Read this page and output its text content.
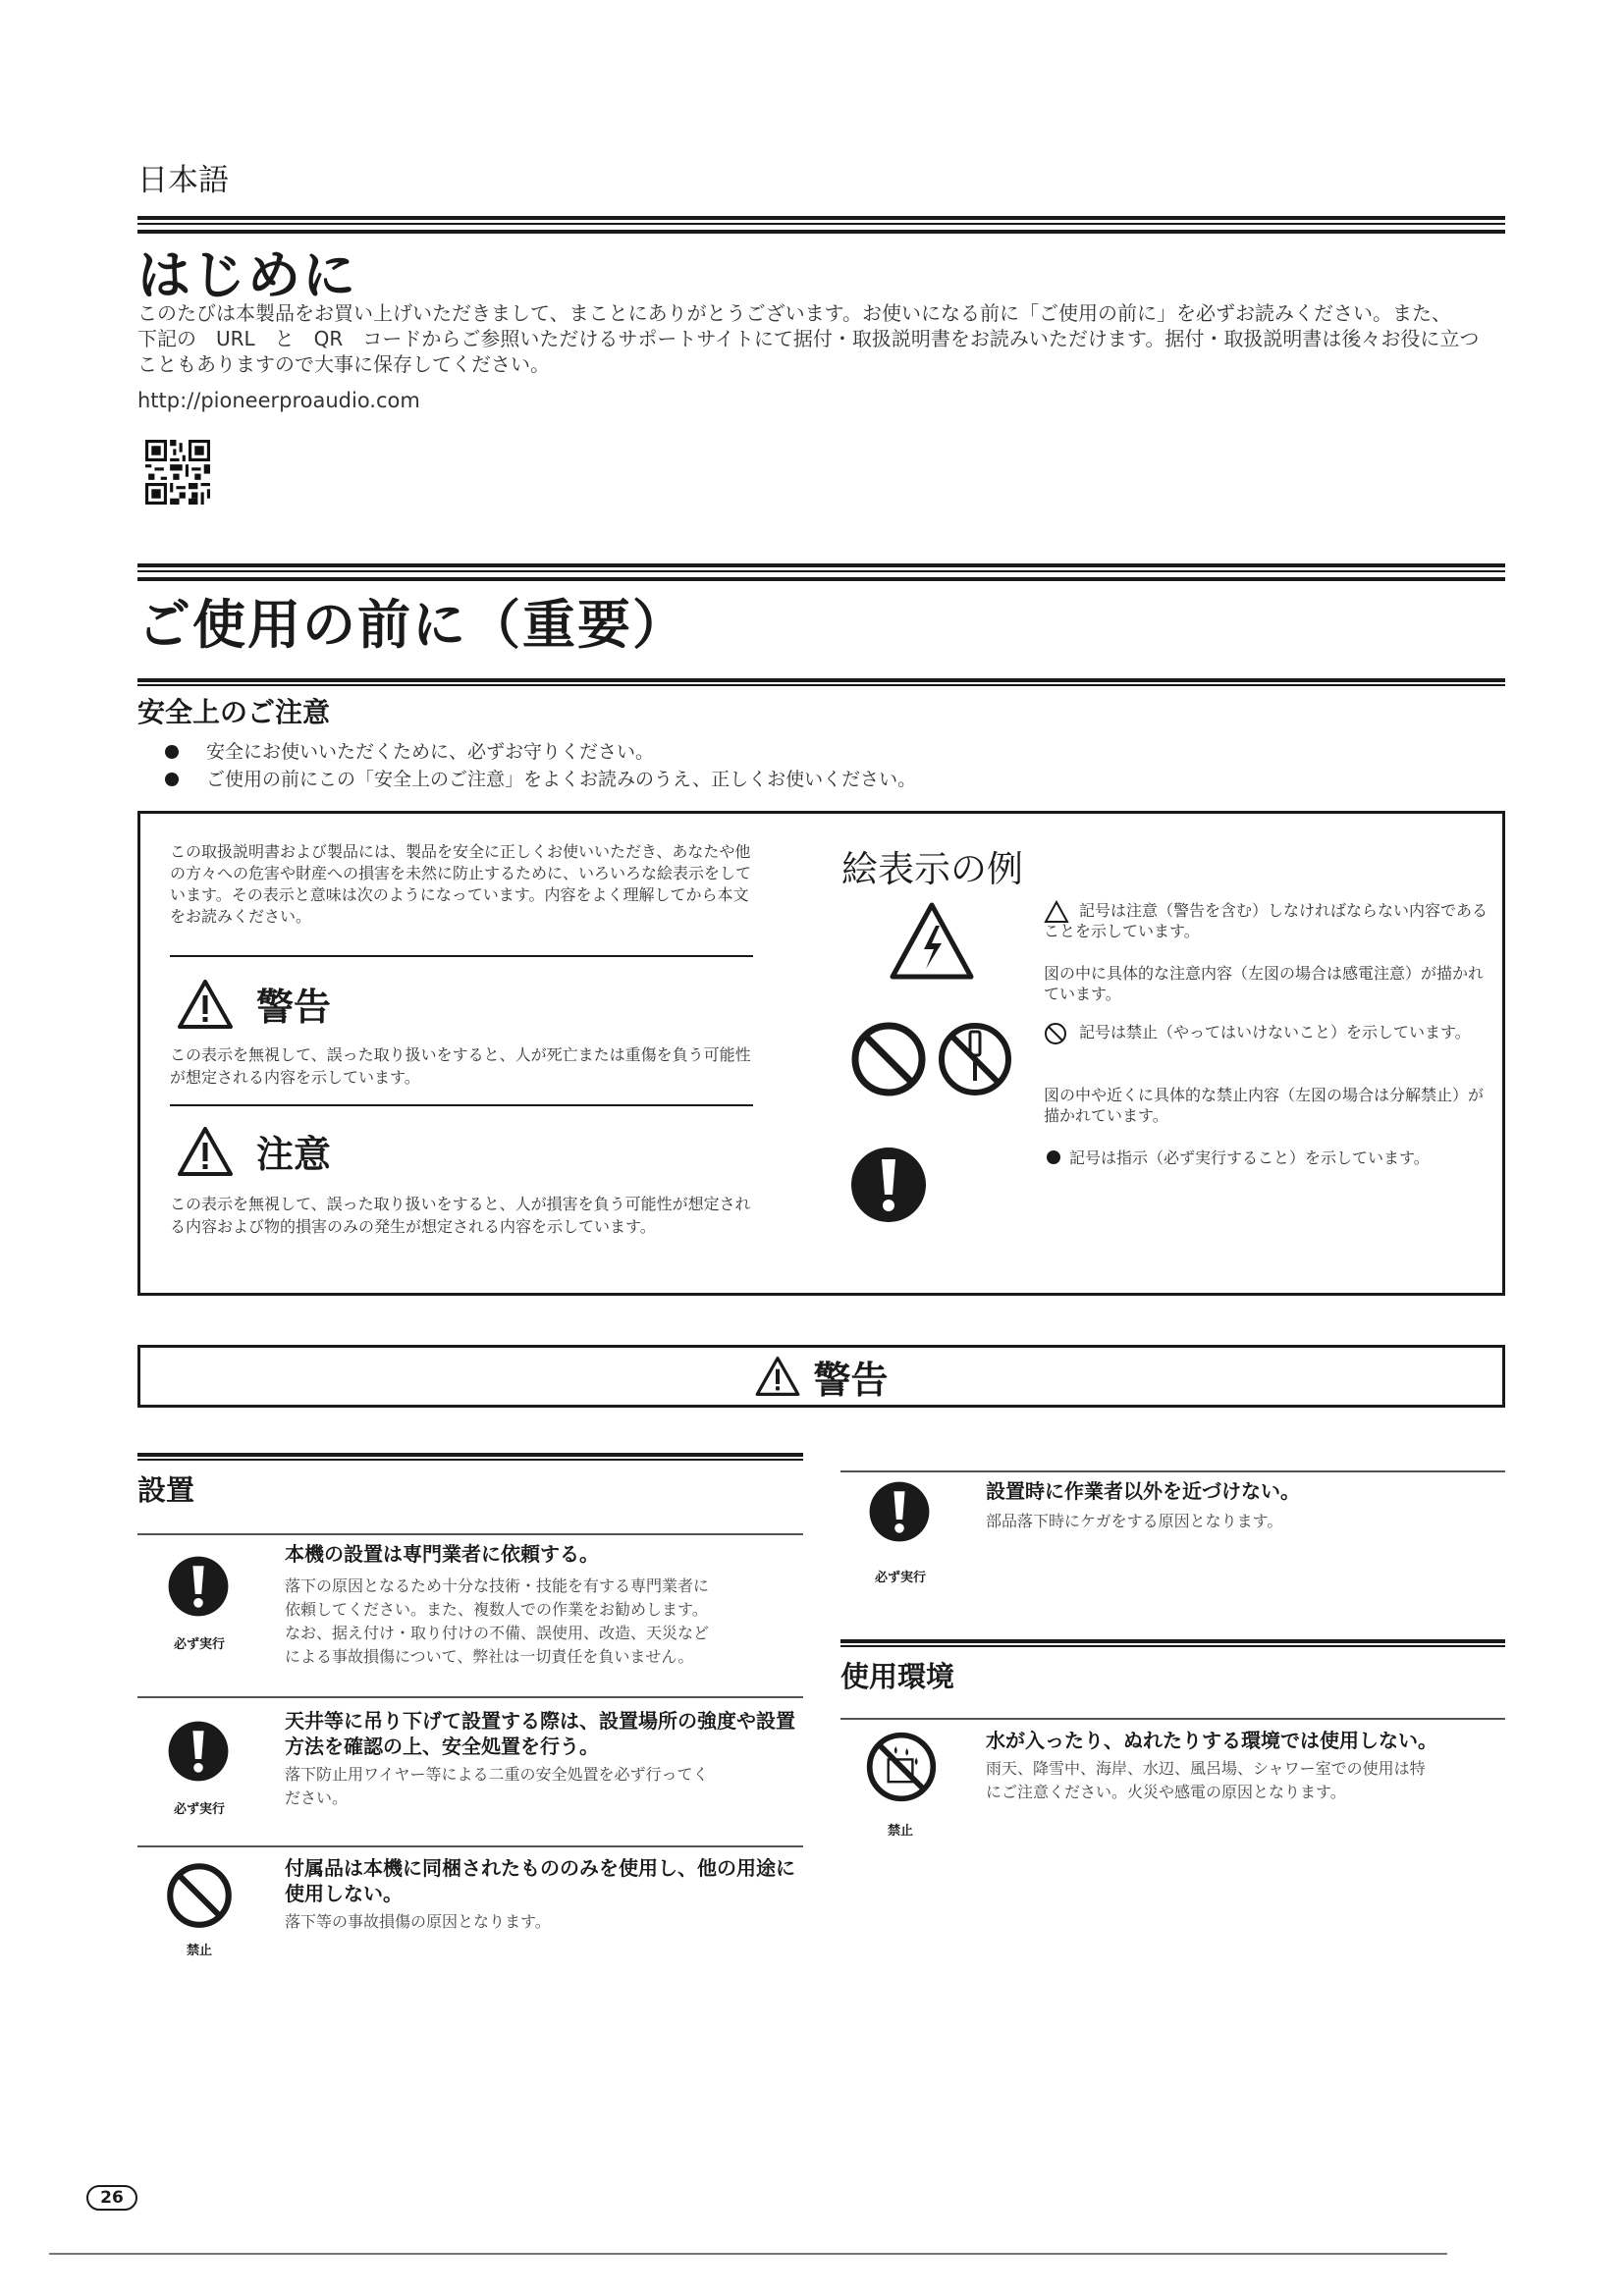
日本語
はじめに

このたびは本製品をお買い上げいただきまして、まことにありがとうございます。お使いになる前に「ご使用の前に」を必ずお読みください。また、

下記の　URL　と　QR　コードからご参照いただけるサポートサイトにて据付・取扱説明書をお読みいただけます。据付・取扱説明書は後々お役に立つ

こともありますので大事に保存してください。

http://pioneerproaudio.com
ご使用の前に（重要）
安全上のご注意
安全にお使いいただくために、必ずお守りください。
ご使用の前にこの「安全上のご注意」をよくお読みのうえ、正しくお使いください。
この取扱説明書および製品には、製品を安全に正しくお使いいただき、あなたや他の方々への危害や財産への損害を未然に防止するために、いろいろな絵表示をしています。その表示と意味は次のようになっています。内容をよく理解してから本文をお読みください。
警告
この表示を無視して、誤った取り扱いをすると、人が死亡または重傷を負う可能性が想定される内容を示しています。
注意
この表示を無視して、誤った取り扱いをすると、人が損害を負う可能性が想定される内容および物的損害のみの発生が想定される内容を示しています。
絵表示の例
記号は注意（警告を含む）しなければならない内容であることを示しています。
図の中に具体的な注意内容（左図の場合は感電注意）が描かれています。
記号は禁止（やってはいけないこと）を示しています。
図の中や近くに具体的な禁止内容（左図の場合は分解禁止）が描かれています。
記号は指示（必ず実行すること）を示しています。
警告
設置
必ず実行
本機の設置は専門業者に依頼する。
落下の原因となるため十分な技術・技能を有する専門業者に
依頼してください。また、複数人での作業をお勧めします。
なお、据え付け・取り付けの不備、誤使用、改造、天災など
による事故損傷について、弊社は一切責任を負いません。
必ず実行
天井等に吊り下げて設置する際は、設置場所の強度や設置方法を確認の上、安全処置を行う。
落下防止用ワイヤー等による二重の安全処置を必ず行ってく
ださい。
禁止
付属品は本機に同梱されたもののみを使用し、他の用途に使用しない。
落下等の事故損傷の原因となります。
必ず実行
設置時に作業者以外を近づけない。
部品落下時にケガをする原因となります。
使用環境
禁止
水が入ったり、ぬれたりする環境では使用しない。
雨天、降雪中、海岸、水辺、風呂場、シャワー室での使用は特
にご注意ください。火災や感電の原因となります。
26
